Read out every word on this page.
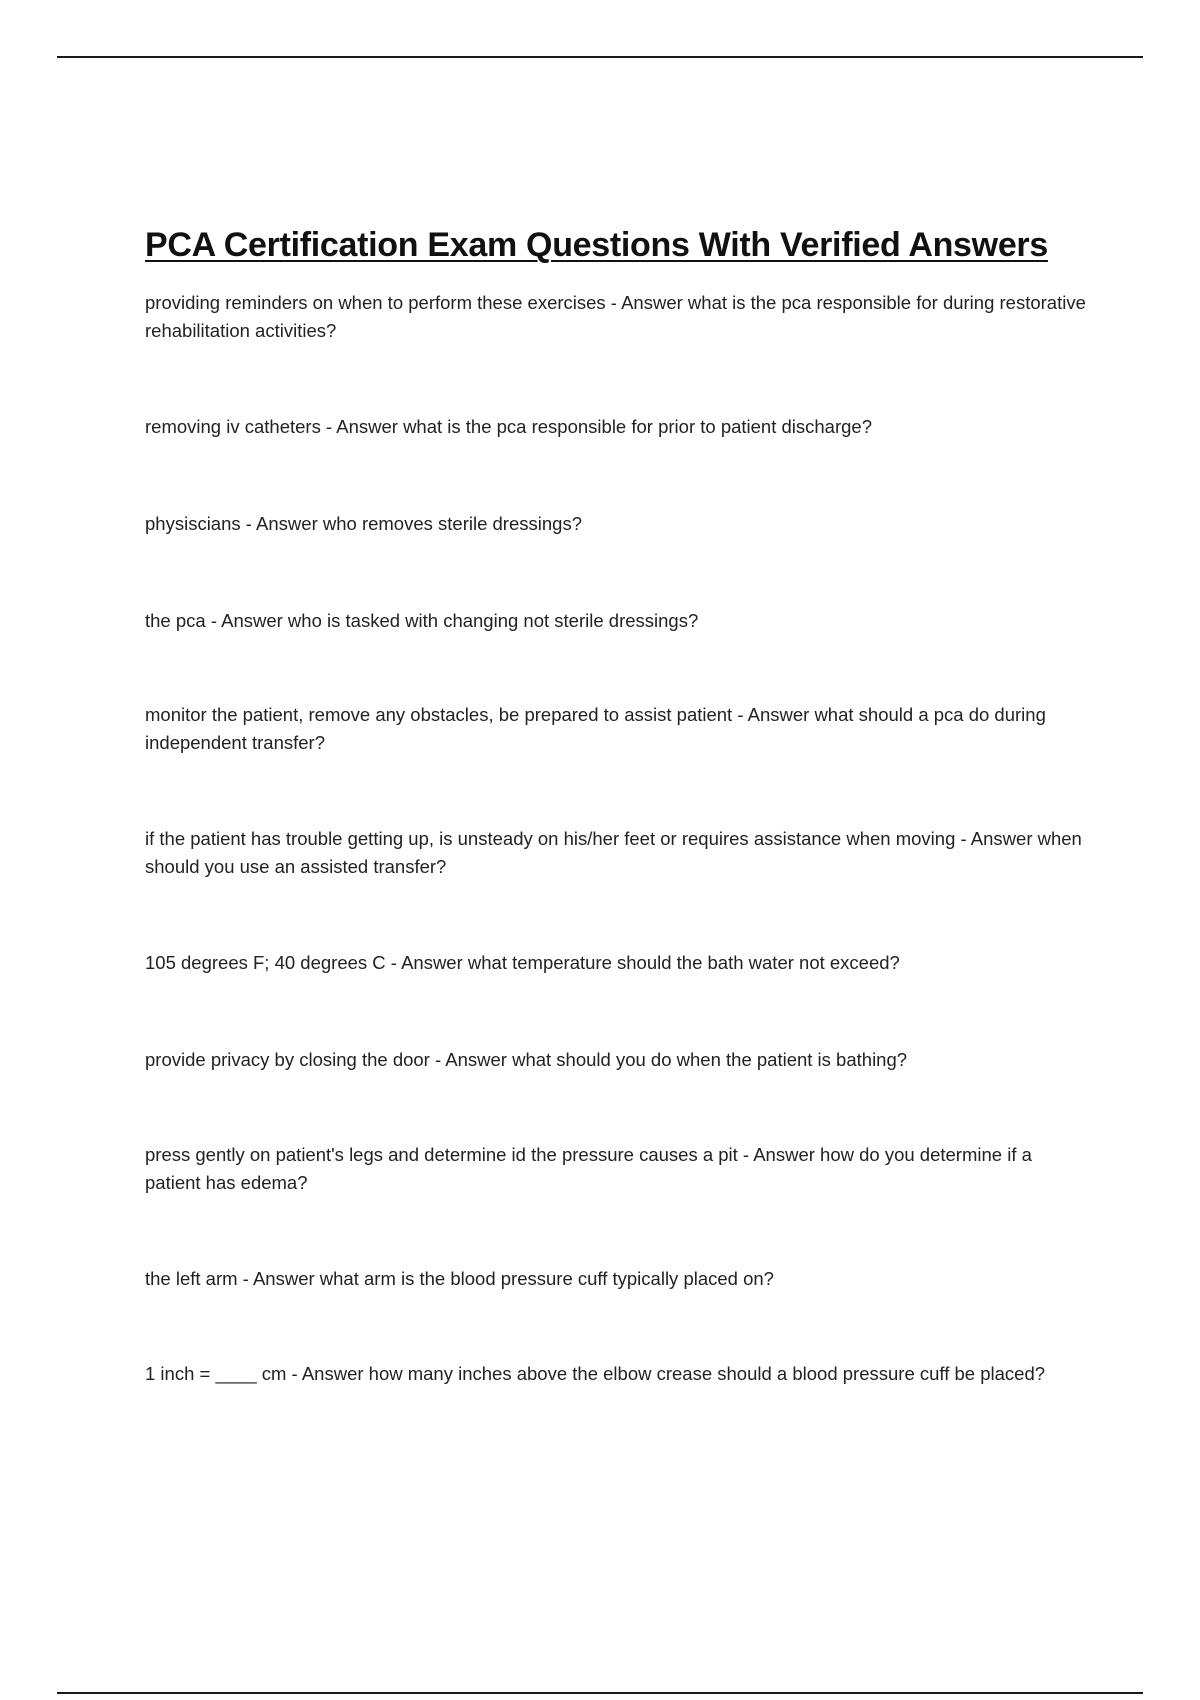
PCA Certification Exam Questions With Verified Answers

providing reminders on when to perform these exercises - Answer what is the pca responsible for during restorative rehabilitation activities?

removing iv catheters - Answer what is the pca responsible for prior to patient discharge?

physiscians - Answer who removes sterile dressings?

the pca - Answer who is tasked with changing not sterile dressings?

monitor the patient, remove any obstacles, be prepared to assist patient - Answer what should a pca do during independent transfer?

if the patient has trouble getting up, is unsteady on his/her feet or requires assistance when moving - Answer when should you use an assisted transfer?

105 degrees F; 40 degrees C - Answer what temperature should the bath water not exceed?

provide privacy by closing the door - Answer what should you do when the patient is bathing?

press gently on patient's legs and determine id the pressure causes a pit - Answer how do you determine if a patient has edema?

the left arm - Answer what arm is the blood pressure cuff typically placed on?

1 inch = ____ cm - Answer how many inches above the elbow crease should a blood pressure cuff be placed?
